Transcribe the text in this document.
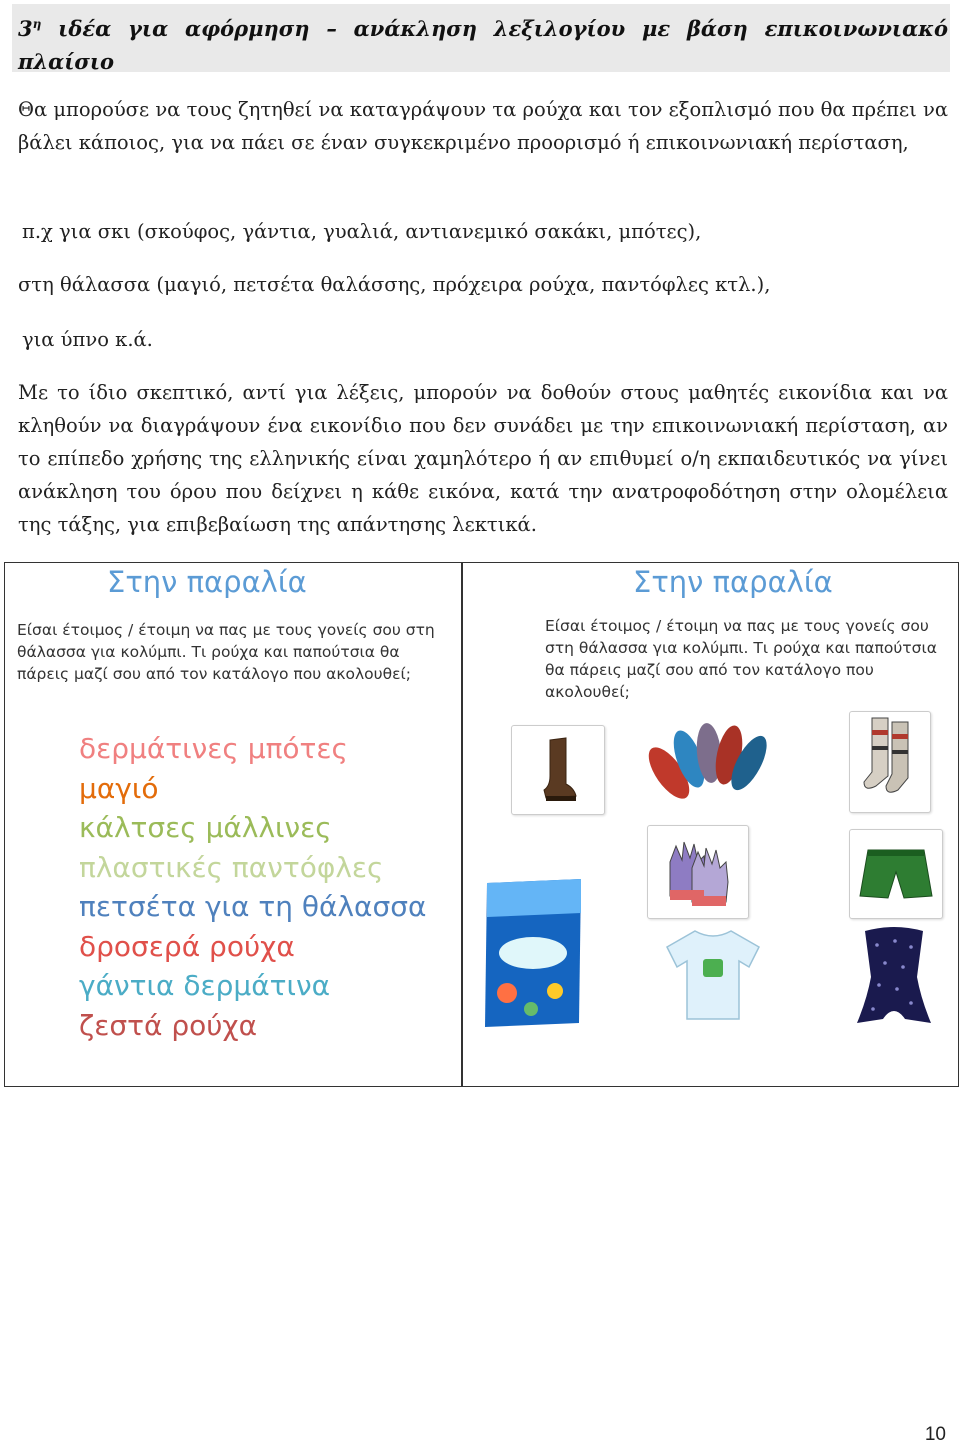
$3^\eta$ ιδέα για αφόρμηση – ανάκληση λεξιλογίου με βάση επικοινωνιακό πλαίσιο
Θα μπορούσε να τους ζητηθεί να καταγράψουν τα ρούχα και τον εξοπλισμό που θα πρέπει να βάλει κάποιος, για να πάει σε έναν συγκεκριμένο προορισμό ή επικοινωνιακή περίσταση,
π.χ για σκι (σκούφος, γάντια, γυαλιά, αντιανεμικό σακάκι, μπότες),
στη θάλασσα (μαγιό, πετσέτα θαλάσσης, πρόχειρα ρούχα, παντόφλες κτλ.),
για ύπνο κ.ά.
Με το ίδιο σκεπτικό, αντί για λέξεις, μπορούν να δοθούν στους μαθητές εικονίδια και να κληθούν να διαγράψουν ένα εικονίδιο που δεν συνάδει με την επικοινωνιακή περίσταση, αν το επίπεδο χρήσης της ελληνικής είναι χαμηλότερο ή αν επιθυμεί ο/η εκπαιδευτικός να γίνει ανάκληση του όρου που δείχνει η κάθε εικόνα, κατά την ανατροφοδότηση στην ολομέλεια της τάξης, για επιβεβαίωση της απάντησης λεκτικά.
Στην παραλία
Είσαι έτοιμος / έτοιμη να πας με τους γονείς σου στη θάλασσα για κολύμπι. Τι ρούχα και παπούτσια θα πάρεις μαζί σου από τον κατάλογο που ακολουθεί;
δερμάτινες μπότες
μαγιό
κάλτσες μάλλινες
πλαστικές παντόφλες
πετσέτα για τη θάλασσα
δροσερά ρούχα
γάντια δερμάτινα
ζεστά ρούχα
Στην παραλία
Είσαι έτοιμος / έτοιμη να πας με τους γονείς σου στη θάλασσα για κολύμπι. Τι ρούχα και παπούτσια θα πάρεις μαζί σου από τον κατάλογο που ακολουθεί;
10
